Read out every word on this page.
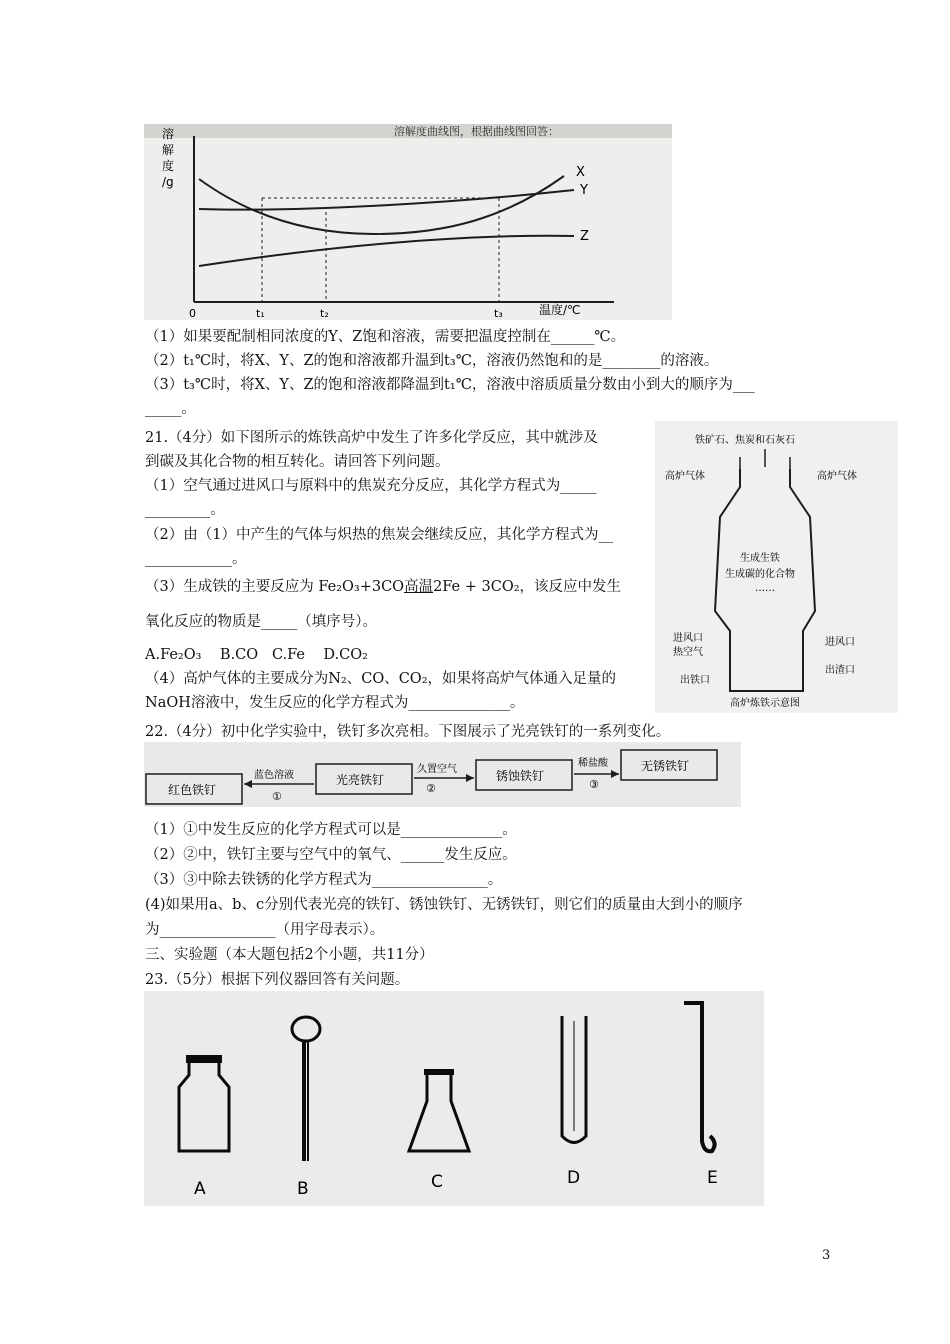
溶解度曲线图，根据曲线图回答：
溶
解
度
/g
0	t₁	t₂	t₃	温度/℃
X
Y
Z
（1）如果要配制相同浓度的Y、Z饱和溶液，需要把温度控制在______℃。
（2）t₁℃时，将X、Y、Z的饱和溶液都升温到t₃℃，溶液仍然饱和的是________的溶液。
（3）t₃℃时，将X、Y、Z的饱和溶液都降温到t₁℃，溶液中溶质质量分数由小到大的顺序为___
_____。
21.（4分）如下图所示的炼铁高炉中发生了许多化学反应，其中就涉及
到碳及其化合物的相互转化。请回答下列问题。
（1）空气通过进风口与原料中的焦炭充分反应，其化学方程式为_____
_________。
（2）由（1）中产生的气体与炽热的焦炭会继续反应，其化学方程式为__
____________。
（3）生成铁的主要反应为 Fe₂O₃+3CO高温2Fe + 3CO₂，该反应中发生
氧化反应的物质是_____（填序号）。
A.Fe₂O₃    B.CO   C.Fe    D.CO₂
（4）高炉气体的主要成分为N₂、CO、CO₂，如果将高炉气体通入足量的
NaOH溶液中，发生反应的化学方程式为______________。
铁矿石、焦炭和石灰石
高炉气体	高炉气体
生成生铁
生成碳的化合物
……
进风口
热空气
进风口
出渣口
出铁口
高炉炼铁示意图
22.（4分）初中化学实验中，铁钉多次亮相。下图展示了光亮铁钉的一系列变化。
红色铁钉
蓝色溶液
①
光亮铁钉
久置空气
②
锈蚀铁钉
稀盐酸
③
无锈铁钉
（1）①中发生反应的化学方程式可以是______________。
（2）②中，铁钉主要与空气中的氧气、______发生反应。
（3）③中除去铁锈的化学方程式为________________。
(4)如果用a、b、c分别代表光亮的铁钉、锈蚀铁钉、无锈铁钉，则它们的质量由大到小的顺序
为________________（用字母表示）。
三、实验题（本大题包括2个小题，共11分）
23.（5分）根据下列仪器回答有关问题。
A	B	C	D	E
3
